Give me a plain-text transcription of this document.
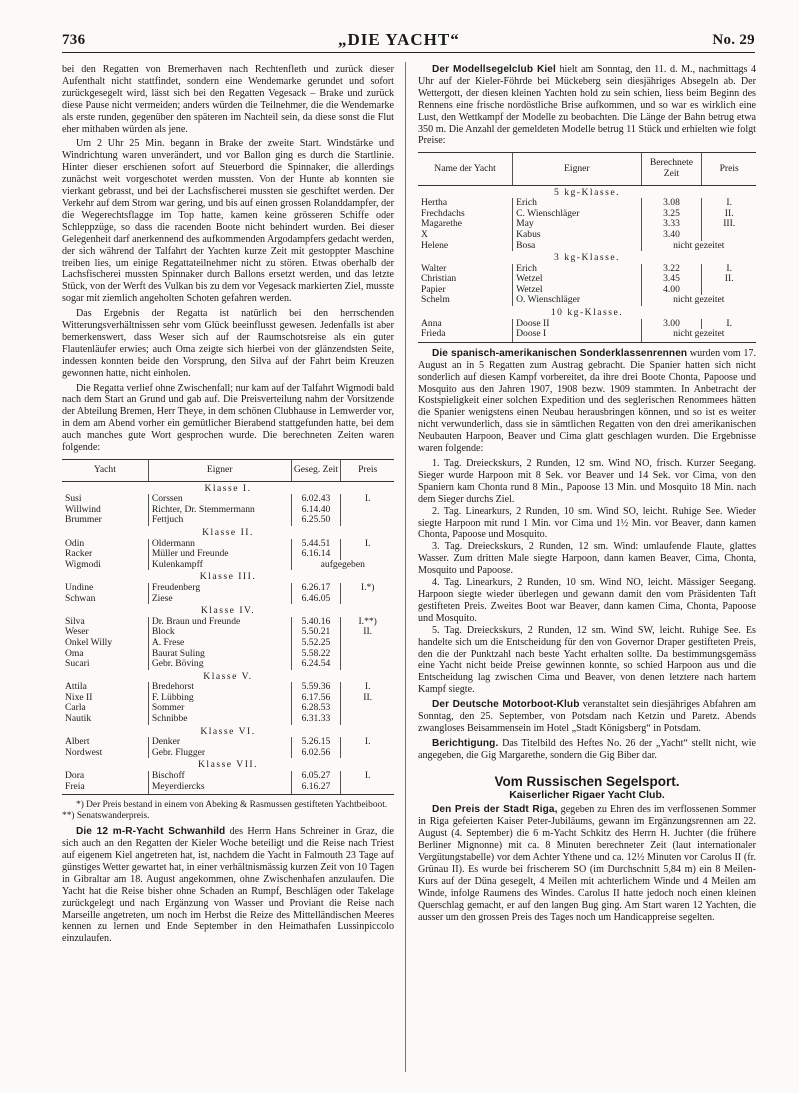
736	„DIE YACHT“	No. 29

bei den Regatten von Bremerhaven nach Rechtenfleth und zurück dieser Aufenthalt nicht stattfindet, sondern eine Wendemarke gerundet und sofort zurückgesegelt wird, lässt sich bei den Regatten Vegesack – Brake und zurück diese Pause nicht vermeiden; anders würden die Teilnehmer, die die Wendemarke als erste runden, gegenüber den späteren im Nachteil sein, da diese sonst die Flut eher mithaben würden als jene.

Um 2 Uhr 25 Min. begann in Brake der zweite Start. Windstärke und Windrichtung waren unverändert, und vor Ballon ging es durch die Startlinie. Hinter dieser erschienen sofort auf Steuerbord die Spinnaker, die allerdings zunächst weit vorgeschotet werden mussten. Von der Hunte ab konnten sie vierkant gebrasst, und bei der Lachsfischerei mussten sie geschiftet werden. Der Verkehr auf dem Strom war gering, und bis auf einen grossen Rolanddampfer, der die Wegerechtsflagge im Top hatte, kamen keine grösseren Schiffe oder Schleppzüge, so dass die racenden Boote nicht behindert wurden. Bei dieser Gelegenheit darf anerkennend des aufkommenden Argodampfers gedacht werden, der sich während der Talfahrt der Yachten kurze Zeit mit gestoppter Maschine treiben lies, um einige Regattateilnehmer nicht zu stören. Etwas oberhalb der Lachsfischerei mussten Spinnaker durch Ballons ersetzt werden, und das letzte Stück, von der Werft des Vulkan bis zu dem vor Vegesack markierten Ziel, musste sogar mit ziemlich angeholten Schoten gefahren werden.

Das Ergebnis der Regatta ist natürlich bei den herrschenden Witterungsverhältnissen sehr vom Glück beeinflusst gewesen. Jedenfalls ist aber bemerkenswert, dass Weser sich auf der Raumschotsreise als ein guter Flautenläufer erwies; auch Oma zeigte sich hierbei von der glänzendsten Seite, indessen konnten beide den Vorsprung, den Silva auf der Fahrt beim Kreuzen gewonnen hatte, nicht einholen.

Die Regatta verlief ohne Zwischenfall; nur kam auf der Talfahrt Wigmodi bald nach dem Start an Grund und gab auf. Die Preisverteilung nahm der Vorsitzende der Abteilung Bremen, Herr Theye, in dem schönen Clubhause in Lemwerder vor, in dem am Abend vorher ein gemütlicher Bierabend stattgefunden hatte, bei dem auch manches gute Wort gesprochen wurde. Die berechneten Zeiten waren folgende:

Yacht	Eigner	Geseg. Zeit	Preis
Klasse I.			
Susi	Corssen	6.02.43	I.
Willwind	Richter, Dr. Stemmermann	6.14.40	
Brummer	Fettjuch	6.25.50	
Klasse II.			
Odin	Oldermann	5.44.51	I.
Racker	Müller und Freunde	6.16.14	
Wigmodi	Kulenkampff	aufgegeben	
Klasse III.			
Undine	Freudenberg	6.26.17	I.*)
Schwan	Ziese	6.46.05	
Klasse IV.			
Silva	Dr. Braun und Freunde	5.40.16	I.**)
Weser	Block	5.50.21	II.
Onkel Willy	A. Frese	5.52.25	
Oma	Baurat Suling	5.58.22	
Sucari	Gebr. Böving	6.24.54	
Klasse V.			
Attila	Bredehorst	5.59.36	I.
Nixe II	F. Lübbing	6.17.56	II.
Carla	Sommer	6.28.53	
Nautik	Schnibbe	6.31.33	
Klasse VI.			
Albert	Denker	5.26.15	I.
Nordwest	Gebr. Flugger	6.02.56	
Klasse VII.			
Dora	Bischoff	6.05.27	I.
Freia	Meyerdiercks	6.16.27	

*) Der Preis bestand in einem von Abeking & Rasmussen gestifteten Yachtbeiboot.
**) Senatswanderpreis.

Die 12 m-R-Yacht Schwanhild des Herrn Hans Schreiner in Graz, die sich auch an den Regatten der Kieler Woche beteiligt und die Reise nach Triest auf eigenem Kiel angetreten hat, ist, nachdem die Yacht in Falmouth 23 Tage auf günstiges Wetter gewartet hat, in einer verhältnismässig kurzen Zeit von 10 Tagen in Gibraltar am 18. August angekommen, ohne Zwischenhafen anzulaufen. Die Yacht hat die Reise bisher ohne Schaden an Rumpf, Beschlägen oder Takelage zurückgelegt und nach Ergänzung von Wasser und Proviant die Reise nach Marseille angetreten, um noch im Herbst die Reize des Mittelländischen Meeres kennen zu lernen und Ende September in den Heimathafen Lussinpiccolo einzulaufen.

Der Modellsegelclub Kiel hielt am Sonntag, den 11. d. M., nachmittags 4 Uhr auf der Kieler-Föhrde bei Mückeberg sein diesjähriges Absegeln ab. Der Wettergott, der diesen kleinen Yachten hold zu sein schien, liess beim Beginn des Rennens eine frische nordöstliche Brise aufkommen, und so war es wirklich eine Lust, den Wettkampf der Modelle zu beobachten. Die Länge der Bahn betrug etwa 350 m. Die Anzahl der gemeldeten Modelle betrug 11 Stück und erhielten wie folgt Preise:

Name der Yacht	Eigner	Berechnete Zeit	Preis
5 kg-Klasse.			
Hertha	Erich	3.08	I.
Frechdachs	C. Wienschläger	3.25	II.
Magarethe	May	3.33	III.
X	Kabus	3.40	
Helene	Bosa	nicht gezeitet	
3 kg-Klasse.			
Walter	Erich	3.22	I.
Christian	Wetzel	3.45	II.
Papier	Wetzel	4.00	
Schelm	O. Wienschläger	nicht gezeitet	
10 kg-Klasse.			
Anna	Doose II	3.00	I.
Frieda	Doose I	nicht gezeitet	

Die spanisch-amerikanischen Sonderklassenrennen wurden vom 17. August an in 5 Regatten zum Austrag gebracht. Die Spanier hatten sich nicht sonderlich auf diesen Kampf vorbereitet, da ihre drei Boote Chonta, Papoose und Mosquito aus den Jahren 1907, 1908 bezw. 1909 stammten. In Anbetracht der Kostspieligkeit einer solchen Expedition und des seglerischen Renommees hätten die Spanier wenigstens einen Neubau herausbringen können, und so ist es weiter nicht verwunderlich, dass sie in sämtlichen Regatten von den drei amerikanischen Neubauten Harpoon, Beaver und Cima glatt geschlagen wurden. Die Ergebnisse waren folgende:

1. Tag. Dreieckskurs, 2 Runden, 12 sm. Wind NO, frisch. Kurzer Seegang. Sieger wurde Harpoon mit 8 Sek. vor Beaver und 14 Sek. vor Cima, von den Spaniern kam Chonta rund 8 Min., Papoose 13 Min. und Mosquito 18 Min. nach dem Sieger durchs Ziel.

2. Tag. Linearkurs, 2 Runden, 10 sm. Wind SO, leicht. Ruhige See. Wieder siegte Harpoon mit rund 1 Min. vor Cima und 1½ Min. vor Beaver, dann kamen Chonta, Papoose und Mosquito.

3. Tag. Dreieckskurs, 2 Runden, 12 sm. Wind: umlaufende Flaute, glattes Wasser. Zum dritten Male siegte Harpoon, dann kamen Beaver, Cima, Chonta, Mosquito und Papoose.

4. Tag. Linearkurs, 2 Runden, 10 sm. Wind NO, leicht. Mässiger Seegang. Harpoon siegte wieder überlegen und gewann damit den vom Präsidenten Taft gestifteten Preis. Zweites Boot war Beaver, dann kamen Cima, Chonta, Papoose und Mosquito.

5. Tag. Dreieckskurs, 2 Runden, 12 sm. Wind SW, leicht. Ruhige See. Es handelte sich um die Entscheidung für den von Governor Draper gestifteten Preis, den die der Punktzahl nach beste Yacht erhalten sollte. Da bestimmungsgemäss eine Yacht nicht beide Preise gewinnen konnte, so schied Harpoon aus und die Entscheidung lag zwischen Cima und Beaver, von denen letztere nach hartem Kampf siegte.

Der Deutsche Motorboot-Klub veranstaltet sein diesjähriges Abfahren am Sonntag, den 25. September, von Potsdam nach Ketzin und Paretz. Abends zwangloses Beisammensein im Hotel „Stadt Königsberg“ in Potsdam.

Berichtigung. Das Titelbild des Heftes No. 26 der „Yacht“ stellt nicht, wie angegeben, die Gig Margarethe, sondern die Gig Biber dar.

Vom Russischen Segelsport.
Kaiserlicher Rigaer Yacht Club.

Den Preis der Stadt Riga, gegeben zu Ehren des im verflossenen Sommer in Riga gefeierten Kaiser Peter-Jubiläums, gewann im Ergänzungsrennen am 22. August (4. September) die 6 m-Yacht Schkitz des Herrn H. Juchter (die frühere Berliner Mignonne) mit ca. 8 Minuten berechneter Zeit (laut internationaler Vergütungstabelle) vor dem Achter Ythene und ca. 12½ Minuten vor Carolus II (fr. Grünau II). Es wurde bei frischerem SO (im Durchschnitt 5,84 m) ein 8 Meilen-Kurs auf der Düna gesegelt, 4 Meilen mit achterlichem Winde und 4 Meilen am Winde, infolge Raumens des Windes. Carolus II hatte jedoch noch einen kleinen Querschlag gemacht, er auf den langen Bug ging. Am Start waren 12 Yachten, die ausser um den grossen Preis des Tages noch um Handicappreise segelten.
